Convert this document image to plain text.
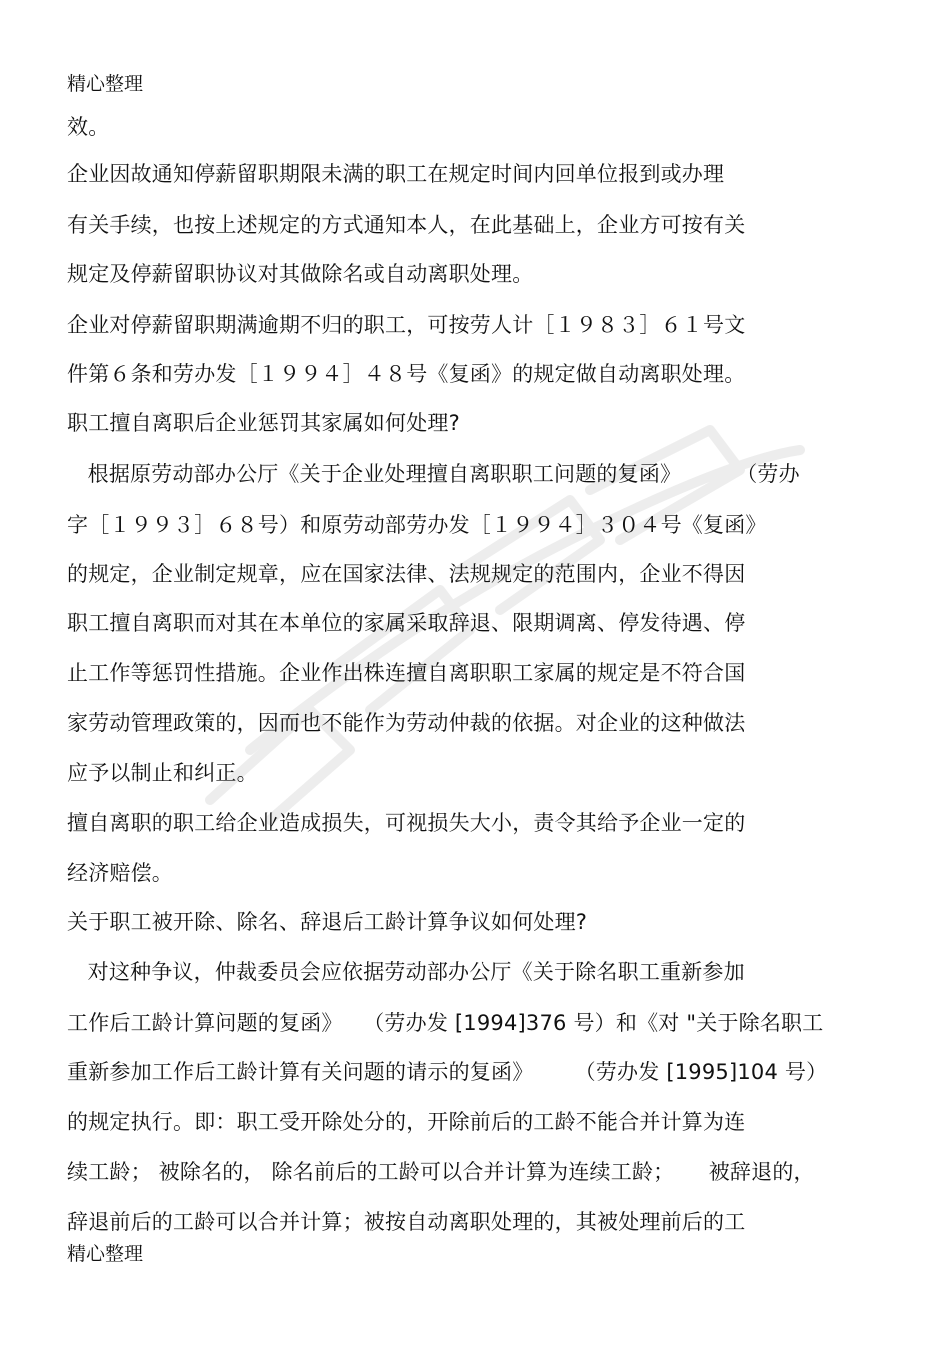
精心整理
效。
企业因故通知停薪留职期限未满的职工在规定时间内回单位报到或办理
有关手续，也按上述规定的方式通知本人，在此基础上，企业方可按有关
规定及停薪留职协议对其做除名或自动离职处理。
企业对停薪留职期满逾期不归的职工，可按劳人计［１９８３］６１号文
件第６条和劳办发［１９９４］４８号《复函》的规定做自动离职处理。
职工擅自离职后企业惩罚其家属如何处理?
根据原劳动部办公厅《关于企业处理擅自离职职工问题的复函》        （劳办
字［１９９３］６８号）和原劳动部劳办发［１９９４］３０４号《复函》
的规定，企业制定规章，应在国家法律、法规规定的范围内，企业不得因
职工擅自离职而对其在本单位的家属采取辞退、限期调离、停发待遇、停
止工作等惩罚性措施。企业作出株连擅自离职职工家属的规定是不符合国
家劳动管理政策的，因而也不能作为劳动仲裁的依据。对企业的这种做法
应予以制止和纠正。
擅自离职的职工给企业造成损失，可视损失大小，责令其给予企业一定的
经济赔偿。
关于职工被开除、除名、辞退后工龄计算争议如何处理?
对这种争议，仲裁委员会应依据劳动部办公厅《关于除名职工重新参加
工作后工龄计算问题的复函》   （劳办发 [1994]376 号）和《对 "关于除名职工
重新参加工作后工龄计算有关问题的请示的复函》      （劳办发 [1995]104 号）
的规定执行。即：职工受开除处分的，开除前后的工龄不能合并计算为连
续工龄； 被除名的， 除名前后的工龄可以合并计算为连续工龄；     被辞退的，
辞退前后的工龄可以合并计算；被按自动离职处理的，其被处理前后的工
精心整理
